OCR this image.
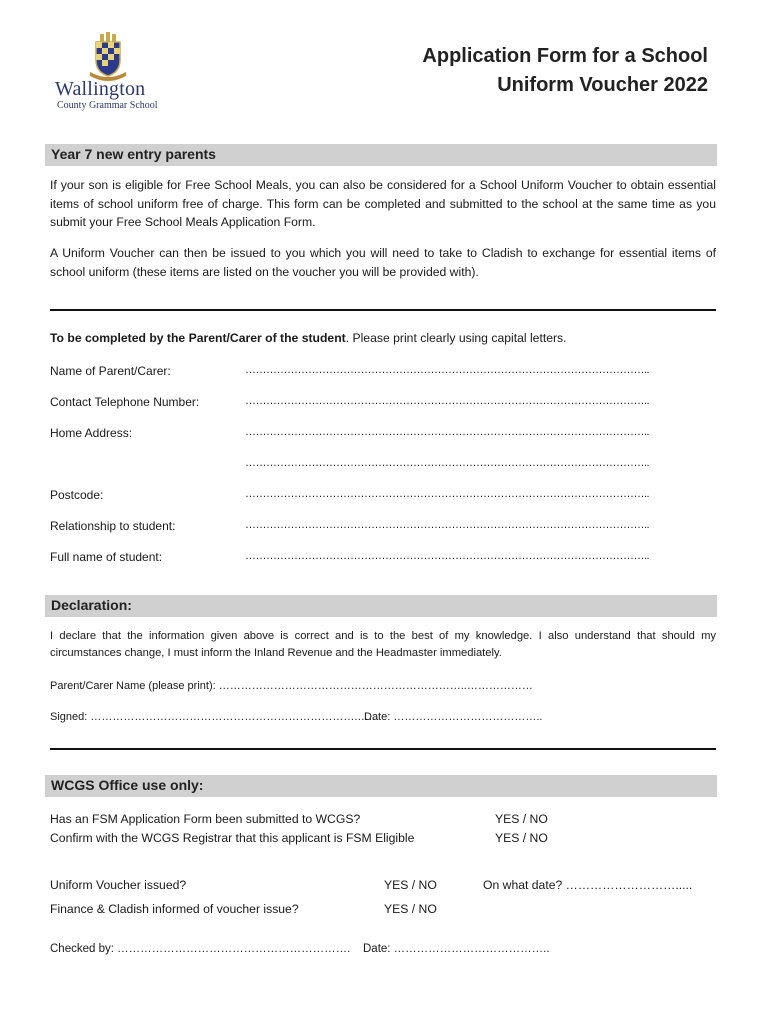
Wallington
County Grammar School
Application Form for a School
Uniform Voucher 2022
Year 7 new entry parents
If your son is eligible for Free School Meals, you can also be considered for a School Uniform Voucher to obtain essential items of school uniform free of charge. This form can be completed and submitted to the school at the same time as you submit your Free School Meals Application Form.
A Uniform Voucher can then be issued to you which you will need to take to Cladish to exchange for essential items of school uniform (these items are listed on the voucher you will be provided with).
To be completed by the Parent/Carer of the student. Please print clearly using capital letters.
Name of Parent/Carer:	……………………………………………………………………………………………………..
Contact Telephone Number:	……………………………………………………………………………………………………..
Home Address:	……………………………………………………………………………………………………..
……………………………………………………………………………………………………..
Postcode:	……………………………………………………………………………………………………..
Relationship to student:	……………………………………………………………………………………………………..
Full name of student:	……………………………………………………………………………………………………..
Declaration:
I declare that the information given above is correct and is to the best of my knowledge. I also understand that should my circumstances change, I must inform the Inland Revenue and the Headmaster immediately.
Parent/Carer Name (please print): …………………………………………………………..………………
Signed: ……………………………………………………………….……
Date: …………………………………..
WCGS Office use only:
Has an FSM Application Form been submitted to WCGS?	YES / NO
Confirm with the WCGS Registrar that this applicant is FSM Eligible	YES / NO
Uniform Voucher issued?	YES / NO	On what date? ……………………….....
Finance & Cladish informed of voucher issue?	YES / NO
Checked by: ……………………………………………………. Date: …………………………………..
